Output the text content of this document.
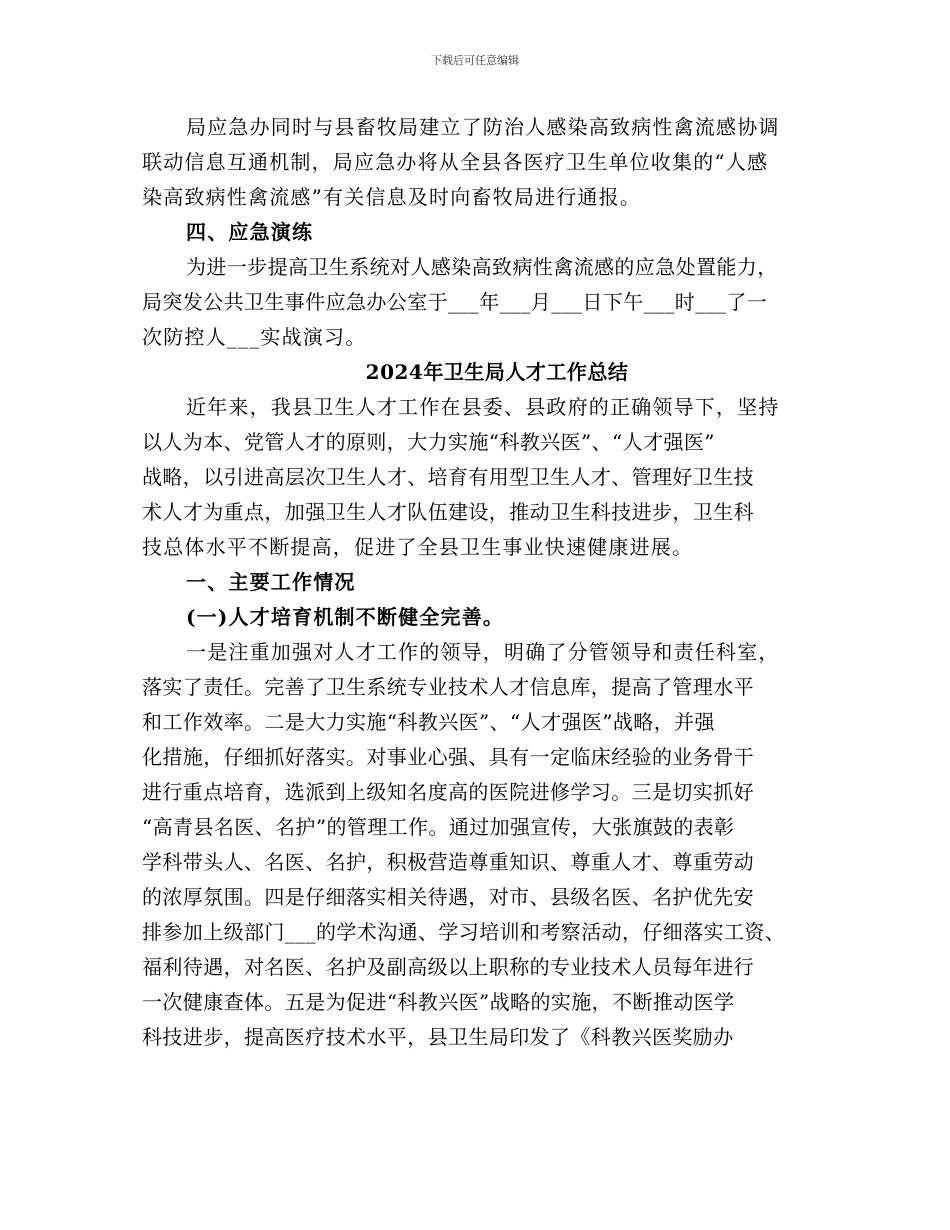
下载后可任意编辑
局应急办同时与县畜牧局建立了防治人感染高致病性禽流感协调
联动信息互通机制，局应急办将从全县各医疗卫生单位收集的“人感
染高致病性禽流感”有关信息及时向畜牧局进行通报。
四、应急演练
为进一步提高卫生系统对人感染高致病性禽流感的应急处置能力，
局突发公共卫生事件应急办公室于___年___月___日下午___时___了一
次防控人___实战演习。
2024年卫生局人才工作总结
近年来，我县卫生人才工作在县委、县政府的正确领导下，坚持
以人为本、党管人才的原则，大力实施“科教兴医”、“人才强医”
战略，以引进高层次卫生人才、培育有用型卫生人才、管理好卫生技
术人才为重点，加强卫生人才队伍建设，推动卫生科技进步，卫生科
技总体水平不断提高，促进了全县卫生事业快速健康进展。
一、主要工作情况
(一)人才培育机制不断健全完善。
一是注重加强对人才工作的领导，明确了分管领导和责任科室，
落实了责任。完善了卫生系统专业技术人才信息库，提高了管理水平
和工作效率。二是大力实施“科教兴医”、“人才强医”战略，并强
化措施，仔细抓好落实。对事业心强、具有一定临床经验的业务骨干
进行重点培育，选派到上级知名度高的医院进修学习。三是切实抓好
“高青县名医、名护”的管理工作。通过加强宣传，大张旗鼓的表彰
学科带头人、名医、名护，积极营造尊重知识、尊重人才、尊重劳动
的浓厚氛围。四是仔细落实相关待遇，对市、县级名医、名护优先安
排参加上级部门___的学术沟通、学习培训和考察活动，仔细落实工资、
福利待遇，对名医、名护及副高级以上职称的专业技术人员每年进行
一次健康查体。五是为促进“科教兴医”战略的实施，不断推动医学
科技进步，提高医疗技术水平，县卫生局印发了《科教兴医奖励办
